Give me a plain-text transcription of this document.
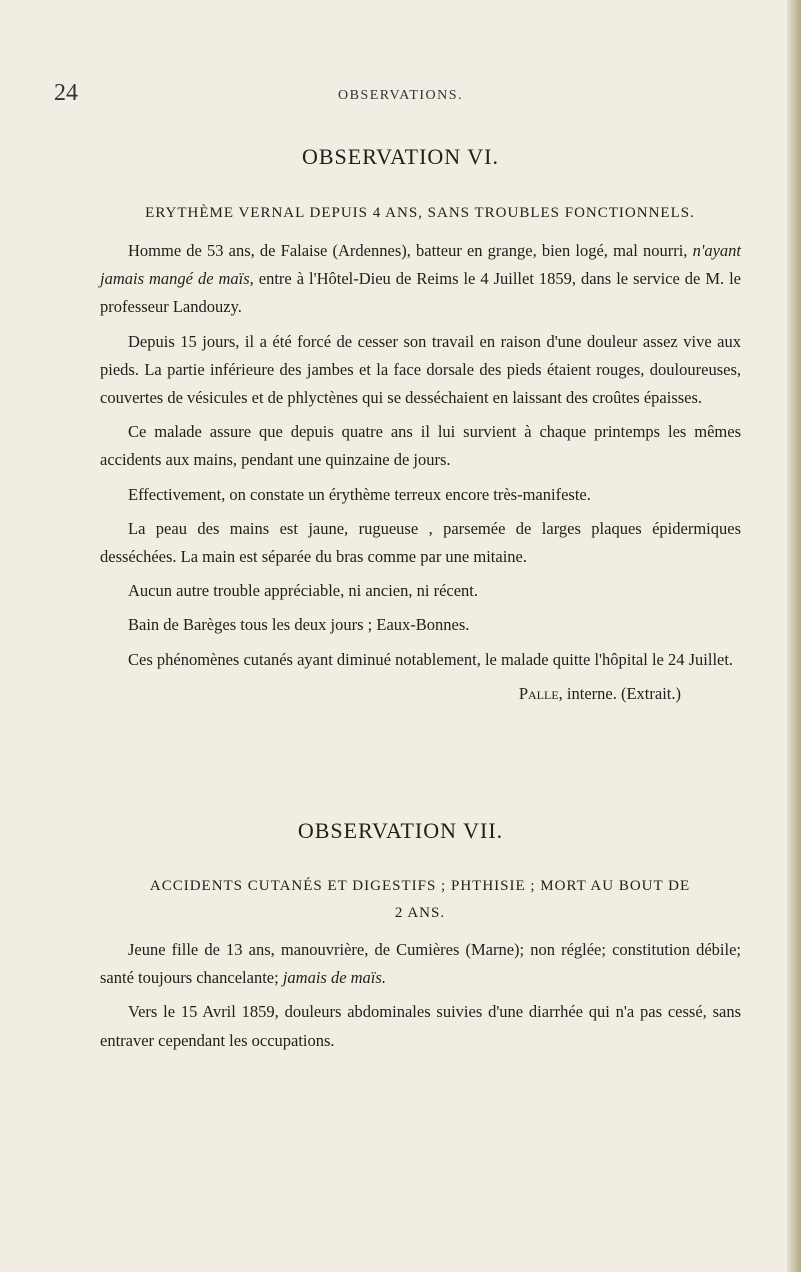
24	OBSERVATIONS.
OBSERVATION VI.
ERYTHÈME VERNAL DEPUIS 4 ANS, SANS TROUBLES FONCTIONNELS.

Homme de 53 ans, de Falaise (Ardennes), batteur en grange, bien logé, mal nourri, n'ayant jamais mangé de maïs, entre à l'Hôtel-Dieu de Reims le 4 Juillet 1859, dans le service de M. le professeur Landouzy.

Depuis 15 jours, il a été forcé de cesser son travail en raison d'une douleur assez vive aux pieds. La partie inférieure des jambes et la face dorsale des pieds étaient rouges, douloureuses, couvertes de vésicules et de phlyctènes qui se desséchaient en laissant des croûtes épaisses.

Ce malade assure que depuis quatre ans il lui survient à chaque printemps les mêmes accidents aux mains, pendant une quinzaine de jours.

Effectivement, on constate un érythème terreux encore très-manifeste.

La peau des mains est jaune, rugueuse , parsemée de larges plaques épidermiques desséchées. La main est séparée du bras comme par une mitaine.

Aucun autre trouble appréciable, ni ancien, ni récent.

Bain de Barèges tous les deux jours ; Eaux-Bonnes.

Ces phénomènes cutanés ayant diminué notablement, le malade quitte l'hôpital le 24 Juillet.

Palle, interne. (Extrait.)
OBSERVATION VII.
ACCIDENTS CUTANÉS ET DIGESTIFS ; PHTHISIE ; MORT AU BOUT DE
2 ANS.

Jeune fille de 13 ans, manouvrière, de Cumières (Marne); non réglée; constitution débile; santé toujours chancelante; jamais de maïs.

Vers le 15 Avril 1859, douleurs abdominales suivies d'une diarrhée qui n'a pas cessé, sans entraver cependant les occupations.
